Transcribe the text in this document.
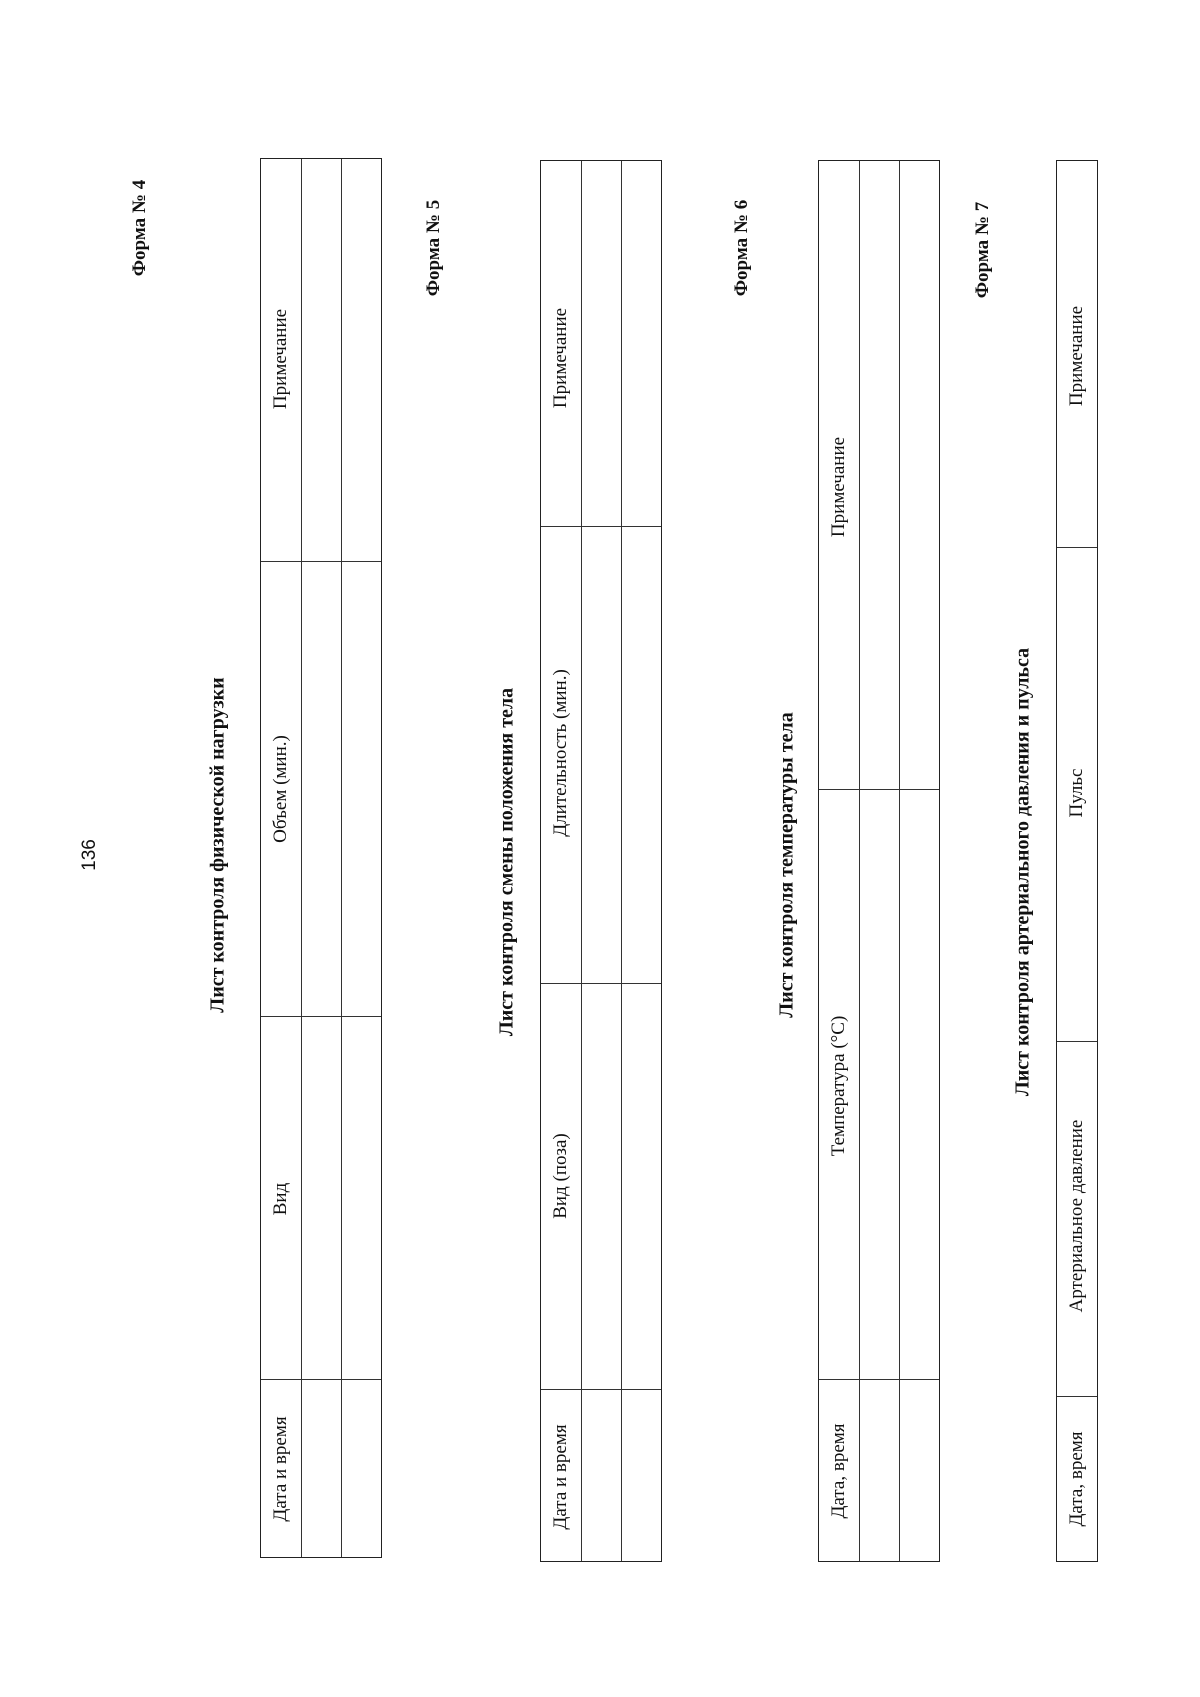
136
Форма № 4
Лист контроля физической нагрузки
Дата и время
Вид
Объем (мин.)
Примечание
Форма № 5
Лист контроля смены положения тела
Дата и время
Вид (поза)
Длительность (мин.)
Примечание
Форма № 6
Лист контроля температуры тела
Дата, время
Температура (°С)
Примечание
Форма № 7
Лист контроля артериального давления и пульса
Дата, время
Артериальное давление
Пульс
Примечание
